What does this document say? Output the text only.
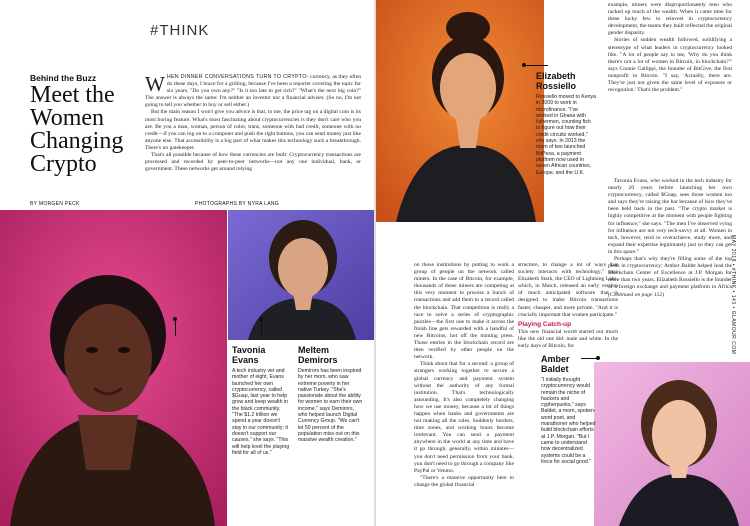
#THINK
Behind the Buzz
Meet the
Women
Changing
Crypto
W HEN DINNER CONVERSATIONS TURN TO CRYPTO- currency, as they often do these days, I brace for a grilling, because I've been a reporter covering the topic for six years. "Do you own any?" "Is it too late to get rich?" "What's the next big coin?" The answer is always the same: I'm neither an investor nor a financial adviser. (So no, I'm not going to tell you whether to buy or sell either.)
But the main reason I won't give you advice is that, to me, the price tag on a digital coin is its most boring feature. What's most fascinating about cryptocurrencies is they don't care who you are. Be you a man, woman, person of color, trans, someone with bad credit, someone with no credit—if you can log on to a computer and push the right buttons, you can send money just like anyone else. That accessibility is a big part of what makes this technology such a breakthrough. There's no gatekeeper.
That's all possible because of how these currencies are built: Cryptocurrency transactions are processed and recorded by peer-to-peer networks—not any one individual, bank, or government. These networks get around relying
BY MORGEN PECK	PHOTOGRAPHS BY NYRA LANG
Tavonia
Evans
A tech industry vet and mother of eight, Evans launched her own cryptocurrency, called $Guap, last year to help grow and keep wealth in the black community. "The $1.2 trillion we spend a year doesn't stay in our community; it doesn't support our causes," she says. "This will help level the playing field for all of us."
Meltem
Demirors
Demirors has been inspired by her mom, who saw extreme poverty in her native Turkey. "She's passionate about the ability for women to earn their own income," says Demirors, who helped launch Digital Currency Group. "We can't let 50 percent of the population miss out on this massive wealth creation."
Elizabeth
Rossiello
Rossiello moved to Kenya in 2009 to work in microfinance. "I've worked in Ghana with fishermen, counting fish to figure out how their credit circuits worked," she says. In 2013 the mom of two launched BitPesa, a payment platform now used in seven African countries, Europe, and the U.K.
example, miners were disproportionately men who racked up much of the wealth. When it came time for these lucky few to reinvest in cryptocurrency development, the teams they built reflected the original gender disparity.
Stories of sudden wealth followed, solidifying a stereotype of what leaders in cryptocurrency looked like. "A lot of people say to me, 'Why do you think there's not a lot of women in Bitcoin, in blockchain?'" says Connie Gallippi, the founder of BitGive, the first nonprofit in Bitcoin. "I say, 'Actually, there are. They're just not given the same level of exposure or recognition.' That's the problem."
Tavonia Evans, who worked in the tech industry for nearly 20 years before launching her own cryptocurrency, called $Guap, sees those women too and says they're raising the bar because of how they've been held back in the past. "The crypto market is highly competitive at the moment with people fighting for influence," she says. "The men I've observed vying for influence are not very tech-savvy at all. Women in tech, however, tend to overachieve, study more, and expand their expertise legitimately just so they can get in this space."
Perhaps that's why they're filling some of the top posts in cryptocurrency: Amber Baldet helped lead the Blockchain Center of Excellence at J.P. Morgan for more than two years; Elizabeth Rossiello is the founder of a foreign exchange and payment platform in Africa (Continued on page 152)
Amber
Baldet
"I initially thought cryptocurrency would remain the niche of hackers and cypherpunks," says Baldet, a mom, spoken-word poet, and marathoner who helped build blockchain efforts at J.P. Morgan. "But I came to understand how decentralized systems could be a force for social good."
MAY 2018 • #THINK • 143 • GLAMOUR.COM
on those institutions by putting to work a group of people on the network called miners. In the case of Bitcoin, for example, thousands of those miners are competing at this very moment to process a bunch of transactions and add them to a record called the blockchain. That competition is really a race to solve a series of cryptographic puzzles—the first one to make it across the finish line gets rewarded with a handful of new Bitcoins, hot off the minting press. Those entries in the blockchain record are then verified by other people on the network.
Think about that for a second: a group of strangers working together to secure a global currency and payment system without the authority of any formal institution. That's technologically astounding. It's also completely changing how we use money, because a lot of things happen when banks and governments are not making all the rules. Suddenly borders, time zones, and working hours become irrelevant. You can send a payment anywhere in the world at any time and have it go through, generally, within minutes—you don't need permission from your bank, you don't need to go through a company like PayPal or Venmo.
"There's a massive opportunity here to change the global financial
structure, to change a lot of ways that society interacts with technology," says Elizabeth Stark, the CEO of Lightning Labs, which, in March, released an early version of much anticipated software that is designed to make Bitcoin transactions faster, cheaper, and more private. "And it is crucially important that women participate."
Playing Catch-up
This new financial world started out much like the old one did: male and white. In the early days of Bitcoin, for
